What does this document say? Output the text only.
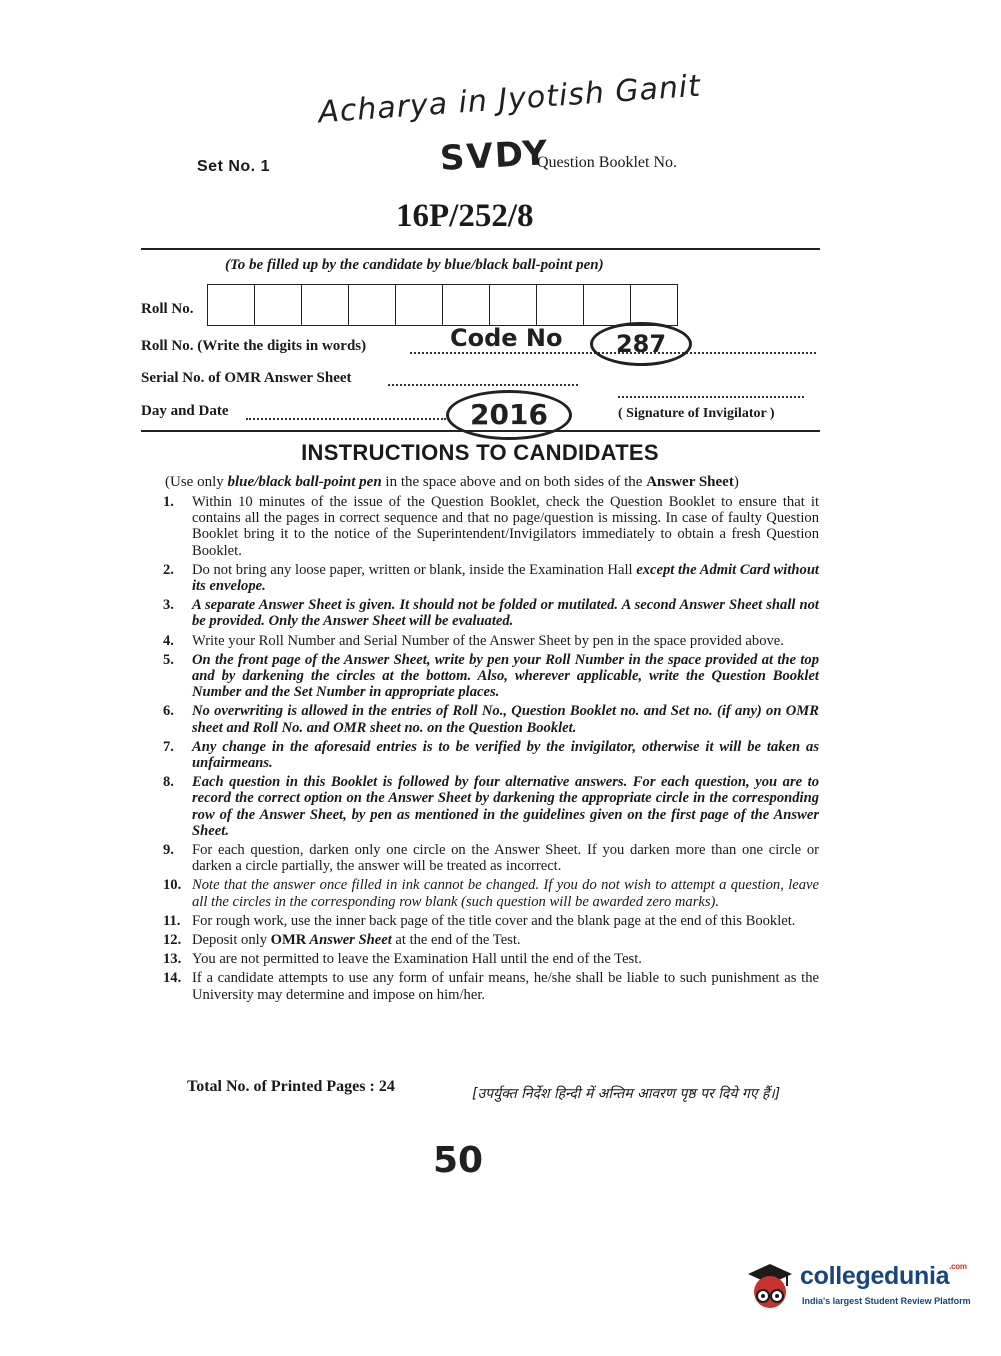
Acharya in Jyotish Ganit
SVDY
Set No. 1	Question Booklet No.
16P/252/8
(To be filled up by the candidate by blue/black ball-point pen)
Roll No.
Roll No. (Write the digits in words)	Code No	287
Serial No. of OMR Answer Sheet
Day and Date	2016	( Signature of Invigilator )
INSTRUCTIONS TO CANDIDATES
(Use only blue/black ball-point pen in the space above and on both sides of the Answer Sheet)
1.	Within 10 minutes of the issue of the Question Booklet, check the Question Booklet to ensure that it contains all the pages in correct sequence and that no page/question is missing. In case of faulty Question Booklet bring it to the notice of the Superintendent/Invigilators immediately to obtain a fresh Question Booklet.
2.	Do not bring any loose paper, written or blank, inside the Examination Hall except the Admit Card without its envelope.
3.	A separate Answer Sheet is given. It should not be folded or mutilated. A second Answer Sheet shall not be provided. Only the Answer Sheet will be evaluated.
4.	Write your Roll Number and Serial Number of the Answer Sheet by pen in the space provided above.
5.	On the front page of the Answer Sheet, write by pen your Roll Number in the space provided at the top and by darkening the circles at the bottom. Also, wherever applicable, write the Question Booklet Number and the Set Number in appropriate places.
6.	No overwriting is allowed in the entries of Roll No., Question Booklet no. and Set no. (if any) on OMR sheet and Roll No. and OMR sheet no. on the Question Booklet.
7.	Any change in the aforesaid entries is to be verified by the invigilator, otherwise it will be taken as unfairmeans.
8.	Each question in this Booklet is followed by four alternative answers. For each question, you are to record the correct option on the Answer Sheet by darkening the appropriate circle in the corresponding row of the Answer Sheet, by pen as mentioned in the guidelines given on the first page of the Answer Sheet.
9.	For each question, darken only one circle on the Answer Sheet. If you darken more than one circle or darken a circle partially, the answer will be treated as incorrect.
10. Note that the answer once filled in ink cannot be changed. If you do not wish to attempt a question, leave all the circles in the corresponding row blank (such question will be awarded zero marks).
11. For rough work, use the inner back page of the title cover and the blank page at the end of this Booklet.
12. Deposit only OMR Answer Sheet at the end of the Test.
13. You are not permitted to leave the Examination Hall until the end of the Test.
14. If a candidate attempts to use any form of unfair means, he/she shall be liable to such punishment as the University may determine and impose on him/her.
Total No. of Printed Pages : 24	[उपर्युक्त निर्देश हिन्दी में अन्तिम आवरण पृष्ठ पर दिये गए हैं।]
50
collegedunia$^{.com}$
India's largest Student Review Platform
